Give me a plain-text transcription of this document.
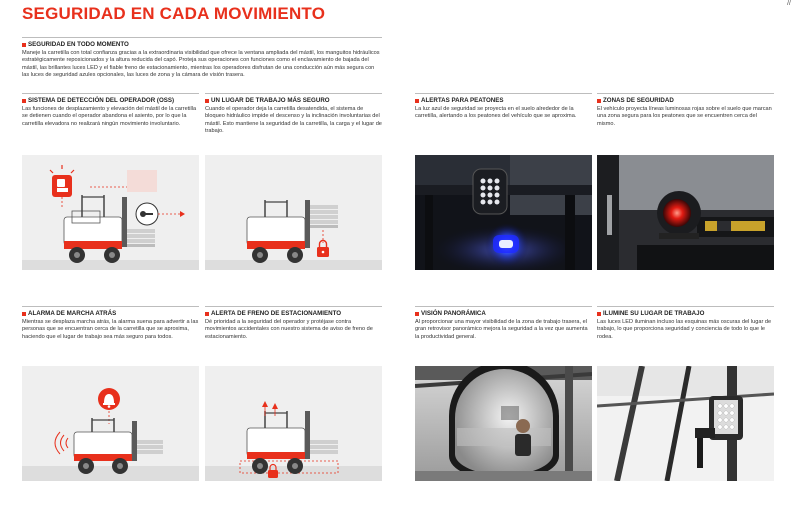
SEGURIDAD EN CADA MOVIMIENTO
//
SEGURIDAD EN TODO MOMENTO

Maneje la carretilla con total confianza gracias a la extraordinaria visibilidad que ofrece la ventana ampliada del mástil, los manguitos hidráulicos estratégicamente reposicionados y la altura reducida del capó. Proteja sus operaciones con funciones como el enclavamiento de bajada del mástil, las brillantes luces LED y el fiable freno de estacionamiento, mientras los operadores disfrutan de una conducción aún más segura con las luces de seguridad azules opcionales, las luces de zona y la cámara de visión trasera.

SISTEMA DE DETECCIÓN DEL OPERADOR (OSS)

Las funciones de desplazamiento y elevación del mástil de la carretilla se detienen cuando el operador abandona el asiento, por lo que la carretilla elevadora no realizará ningún movimiento involuntario.

UN LUGAR DE TRABAJO MÁS SEGURO

Cuando el operador deja la carretilla desatendida, el sistema de bloqueo hidráulico impide el descenso y la inclinación involuntarias del mástil. Esto mantiene la seguridad de la carretilla, la carga y el lugar de trabajo.

ALERTAS PARA PEATONES

La luz azul de seguridad se proyecta en el suelo alrededor de la carretilla, alertando a los peatones del vehículo que se aproxima.

ZONAS DE SEGURIDAD

El vehículo proyecta líneas luminosas rojas sobre el suelo que marcan una zona segura para los peatones que se encuentren cerca del mismo.

ALARMA DE MARCHA ATRÁS

Mientras se desplaza marcha atrás, la alarma suena para advertir a las personas que se encuentran cerca de la carretilla que se aproxima, haciendo que el lugar de trabajo sea más seguro para todos.

ALERTA DE FRENO DE ESTACIONAMIENTO

Dé prioridad a la seguridad del operador y protéjase contra movimientos accidentales con nuestro sistema de aviso de freno de estacionamiento.

VISIÓN PANORÁMICA

Al proporcionar una mayor visibilidad de la zona de trabajo trasera, el gran retrovisor panorámico mejora la seguridad a la vez que aumenta la productividad general.

ILUMINE SU LUGAR DE TRABAJO

Las luces LED iluminan incluso las esquinas más oscuras del lugar de trabajo, lo que proporciona seguridad y conciencia de todo lo que le rodea.
